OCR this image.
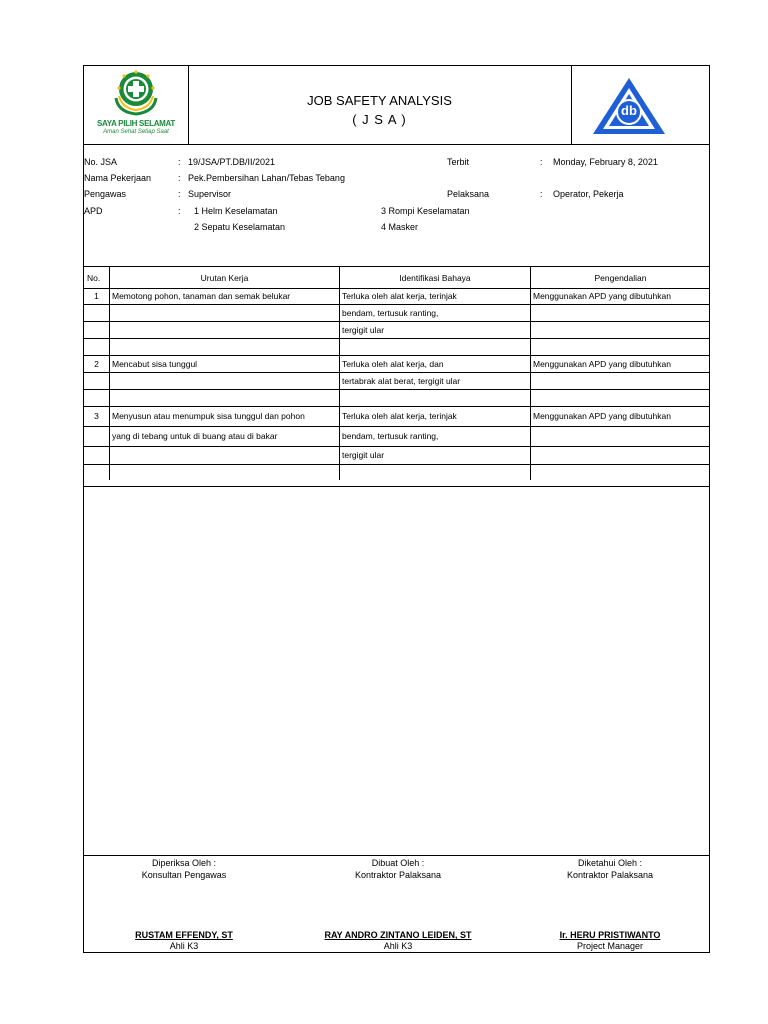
SAYA PILIH SELAMAT
Aman Sehat Setiap Saat
JOB SAFETY ANALYSIS
( J S A )
db
No. JSA	: 19/JSA/PT.DB/II/2021	Terbit	: Monday, February 8, 2021
Nama Pekerjaan	: Pek.Pembersihan Lahan/Tebas Tebang
Pengawas	: Supervisor	Pelaksana	: Operator, Pekerja
APD	: 1 Helm Keselamatan	3 Rompi Keselamatan
2 Sepatu Keselamatan	4 Masker
No.	Urutan Kerja	Identifikasi Bahaya	Pengendalian
1	Memotong pohon, tanaman dan semak belukar	Terluka oleh alat kerja, terinjak	Menggunakan APD yang dibutuhkan
bendam, tertusuk ranting,
tergigit ular
2	Mencabut sisa tunggul	Terluka oleh alat kerja, dan	Menggunakan APD yang dibutuhkan
tertabrak alat berat, tergigit ular
3	Menyusun atau menumpuk sisa tunggul dan pohon	Terluka oleh alat kerja, terinjak	Menggunakan APD yang dibutuhkan
yang di tebang untuk di buang atau di bakar	bendam, tertusuk ranting,
tergigit ular
Diperiksa Oleh :
Konsultan Pengawas
RUSTAM EFFENDY, ST
Ahli K3
Dibuat Oleh :
Kontraktor Palaksana
RAY ANDRO ZINTANO LEIDEN, ST
Ahli K3
Diketahui Oleh :
Kontraktor Palaksana
Ir. HERU PRISTIWANTO
Project Manager
